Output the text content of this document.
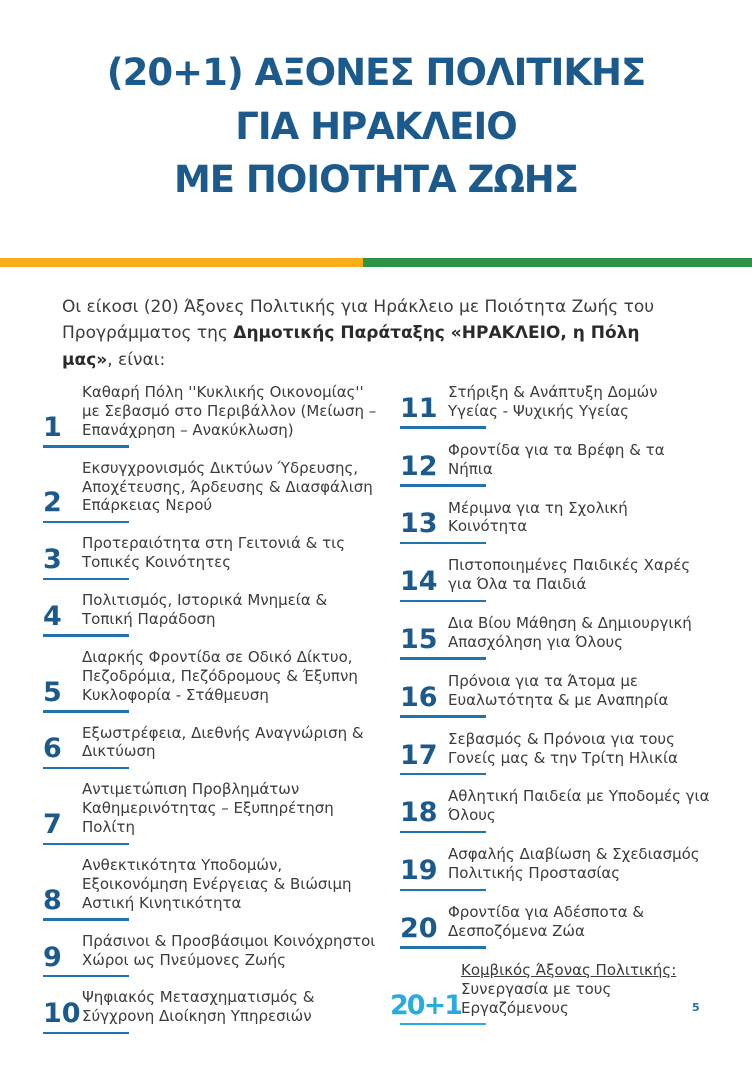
(20+1) ΑΞΟΝΕΣ ΠΟΛΙΤΙΚΗΣ
ΓΙΑ ΗΡΑΚΛΕΙΟ
ΜΕ ΠΟΙΟΤΗΤΑ ΖΩΗΣ
Οι είκοσι (20) Άξονες Πολιτικής για Ηράκλειο με Ποιότητα Ζωής του Προγράμματος της Δημοτικής Παράταξης «ΗΡΑΚΛΕΙΟ, η Πόλη μας», είναι:
1
Καθαρή Πόλη ''Κυκλικής Οικονομίας'' με Σεβασμό στο Περιβάλλον (Μείωση – Επανάχρηση – Ανακύκλωση)
2
Εκσυγχρονισμός Δικτύων Ύδρευσης, Αποχέτευσης, Άρδευσης & Διασφάλιση Επάρκειας Νερού
3
Προτεραιότητα στη Γειτονιά & τις Τοπικές Κοινότητες
4
Πολιτισμός, Ιστορικά Μνημεία & Τοπική Παράδοση
5
Διαρκής Φροντίδα σε Οδικό Δίκτυο, Πεζοδρόμια, Πεζόδρομους & Έξυπνη Κυκλοφορία - Στάθμευση
6
Εξωστρέφεια, Διεθνής Αναγνώριση & Δικτύωση
7
Αντιμετώπιση Προβλημάτων Καθημερινότητας – Εξυπηρέτηση Πολίτη
8
Ανθεκτικότητα Υποδομών, Εξοικονόμηση Ενέργειας & Βιώσιμη Αστική Κινητικότητα
9
Πράσινοι & Προσβάσιμοι Κοινόχρηστοι Χώροι ως Πνεύμονες Ζωής
10
Ψηφιακός Μετασχηματισμός & Σύγχρονη Διοίκηση Υπηρεσιών
11
Στήριξη & Ανάπτυξη Δομών Υγείας - Ψυχικής Υγείας
12
Φροντίδα για τα Βρέφη & τα Νήπια
13
Μέριμνα για τη Σχολική Κοινότητα
14
Πιστοποιημένες Παιδικές Χαρές για Όλα τα Παιδιά
15
Δια Βίου Μάθηση & Δημιουργική Απασχόληση για Όλους
16
Πρόνοια για τα Άτομα με Ευαλωτότητα & με Αναπηρία
17
Σεβασμός & Πρόνοια για τους Γονείς μας & την Τρίτη Ηλικία
18
Αθλητική Παιδεία με Υποδομές για Όλους
19
Ασφαλής Διαβίωση & Σχεδιασμός Πολιτικής Προστασίας
20
Φροντίδα για Αδέσποτα & Δεσποζόμενα Ζώα
20+1
Κομβικός Άξονας Πολιτικής:
Συνεργασία με τους Εργαζόμενους	5
